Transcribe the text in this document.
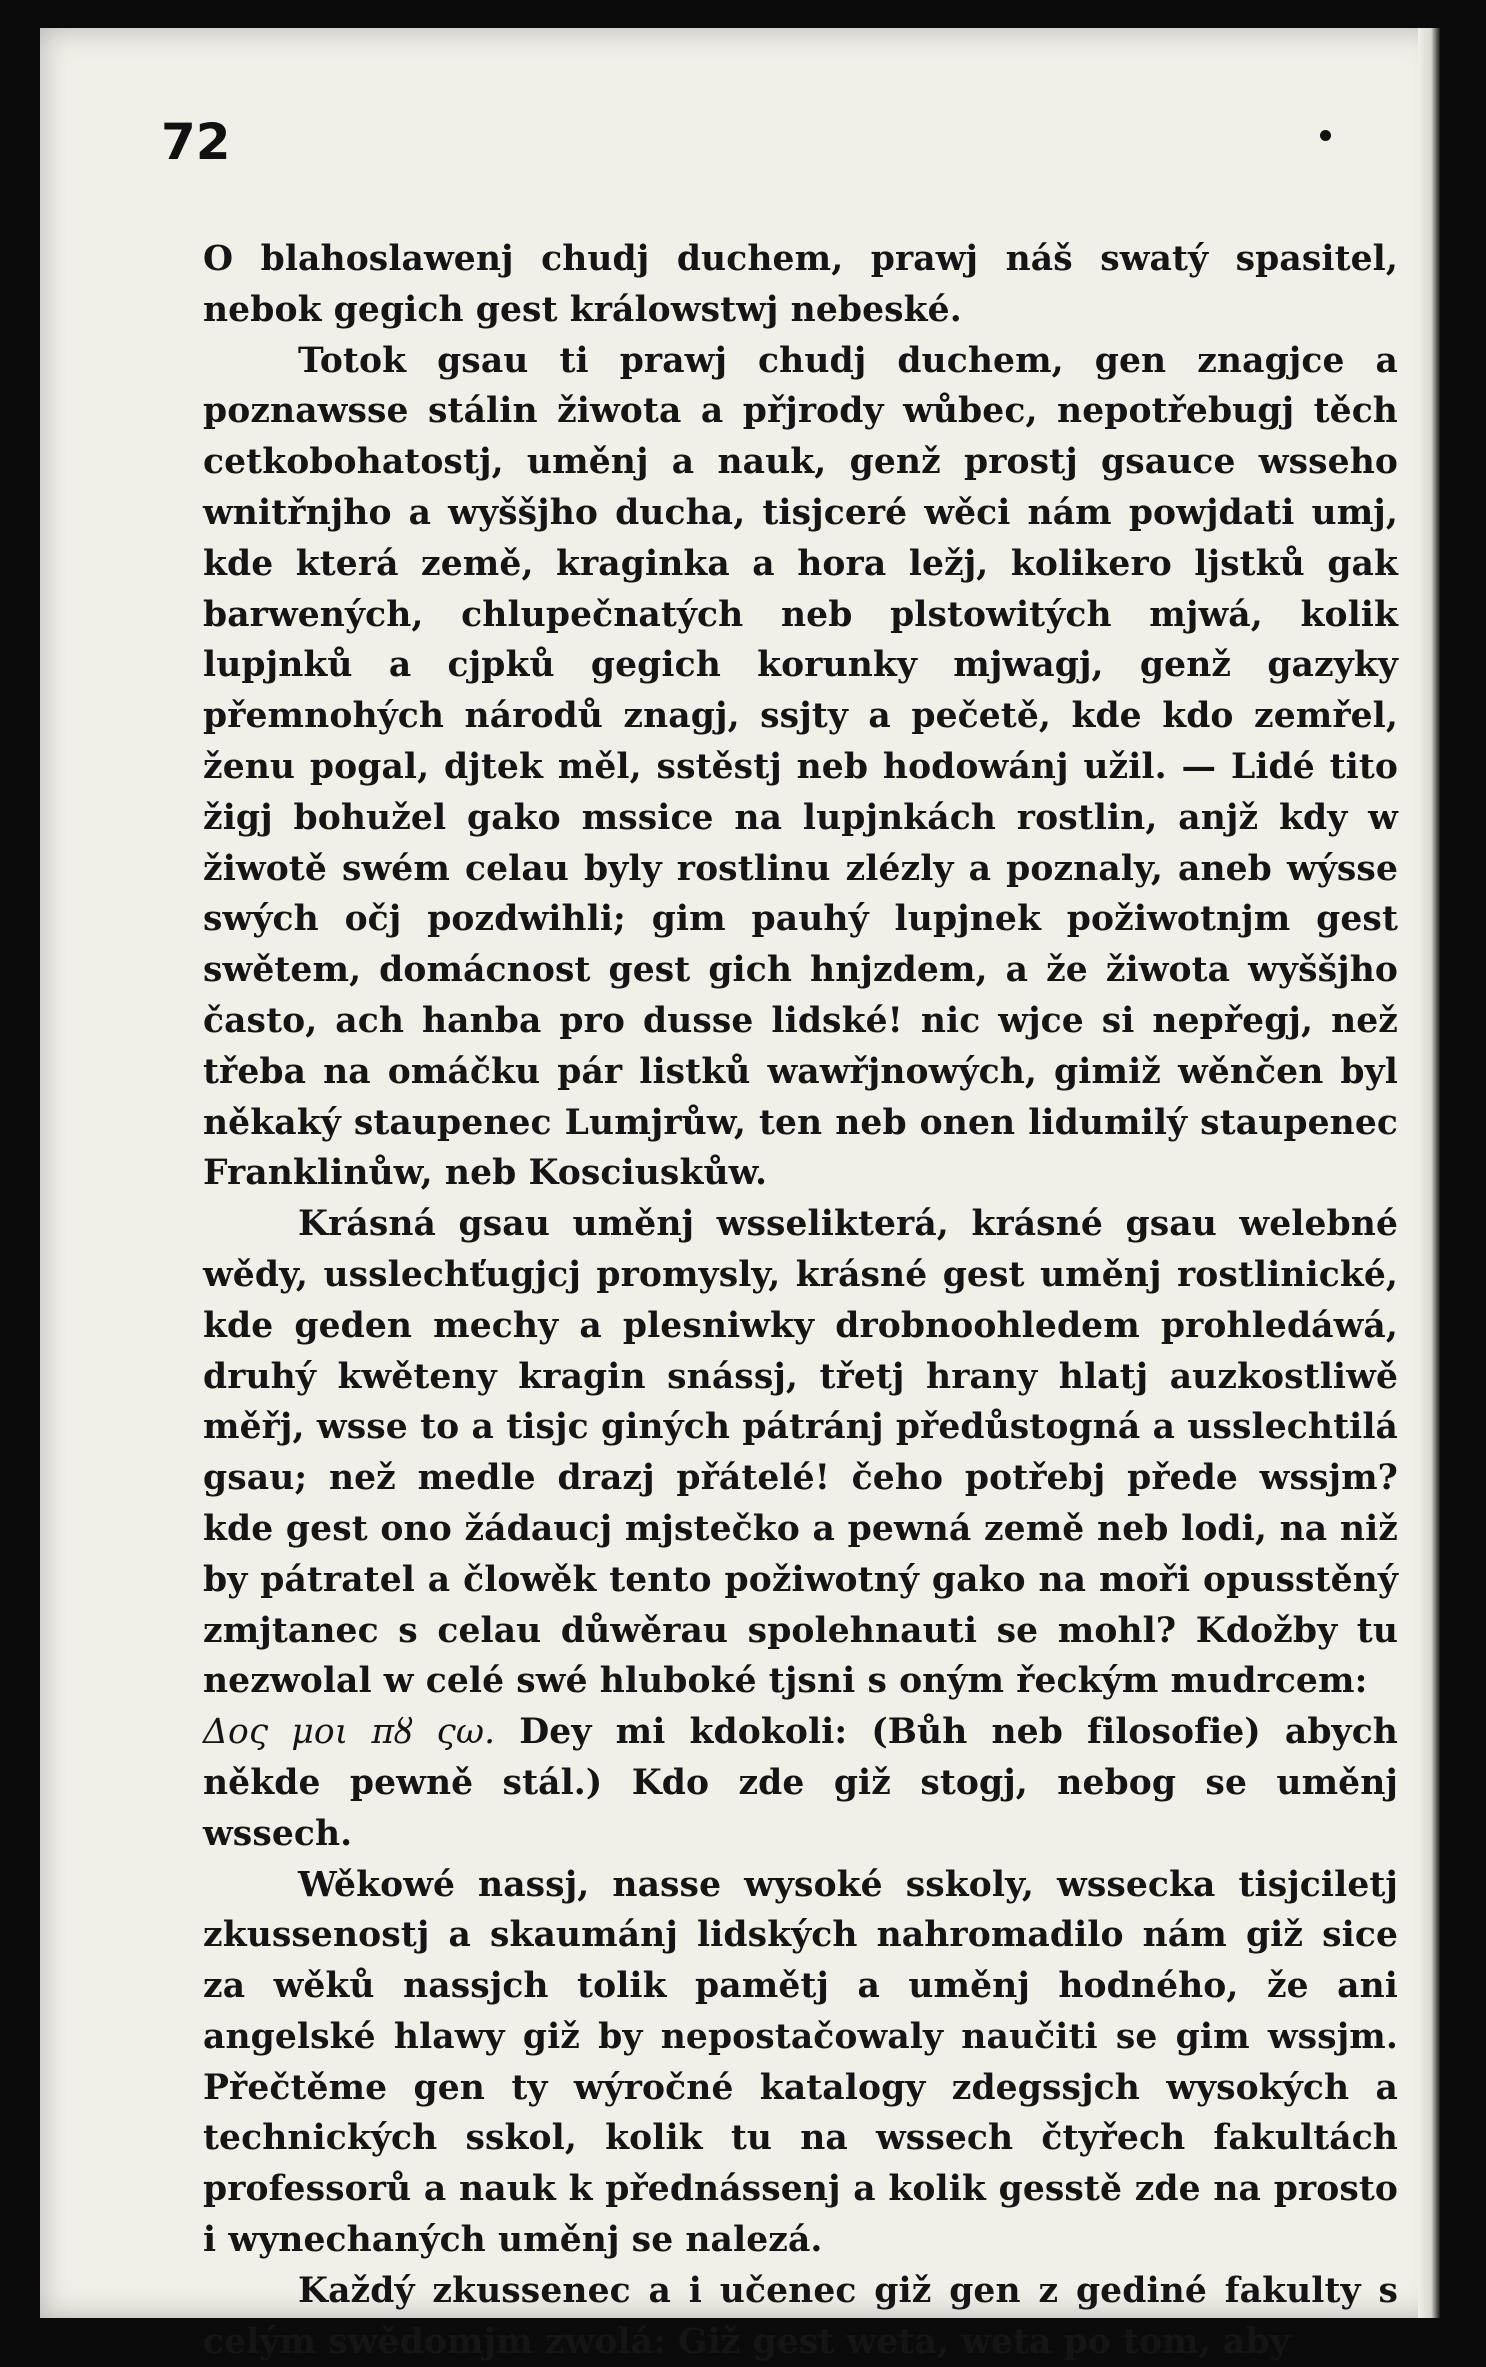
72

O blahoslawenj chudj duchem, prawj náš swatý spasitel, nebok gegich gest králowstwj nebeské.

Totok gsau ti prawj chudj duchem, gen znagjce a poznawsse stálin žiwota a přjrody wůbec, nepotřebugj těch cetkobohatostj, uměnj a nauk, genž prostj gsauce wsseho wnitřnjho a wyššjho ducha, tisjceré wěci nám powjdati umj, kde která země, kraginka a hora ležj, kolikero ljstků gak barwených, chlupečnatých neb plstowitých mjwá, kolik lupjnků a cjpků gegich korunky mjwagj, genž gazyky přemnohých národů znagj, ssjty a pečetě, kde kdo zemřel, ženu pogal, djtek měl, sstěstj neb hodowánj užil. — Lidé tito žigj bohužel gako mssice na lupjnkách rostlin, anjž kdy w žiwotě swém celau byly rostlinu zlézly a poznaly, aneb wýsse swých očj pozdwihli; gim pauhý lupjnek požiwotnjm gest swětem, domácnost gest gich hnjzdem, a že žiwota wyššjho často, ach hanba pro dusse lidské! nic wjce si nepřegj, než třeba na omáčku pár listků wawřjnowých, gimiž wěnčen byl někaký staupenec Lumjrůw, ten neb onen lidumilý staupenec Franklinůw, neb Kosciuskůw.

Krásná gsau uměnj wsselikterá, krásné gsau welebné wědy, usslechťugjcj promysly, krásné gest uměnj rostlinické, kde geden mechy a plesniwky drobnoohledem prohledáwá, druhý kwěteny kragin snássj, třetj hrany hlatj auzkostliwě měřj, wsse to a tisjc giných pátránj předůstogná a usslechtilá gsau; než medle drazj přátelé! čeho potřebj přede wssjm? kde gest ono žádaucj mjstečko a pewná země neb lodi, na niž by pátratel a člowěk tento požiwotný gako na moři opusstěný zmjtanec s celau důwěrau spolehnauti se mohl? Kdožby tu nezwolal w celé swé hluboké tjsni s oným řeckým mudrcem:

Δος μοι πȣ ςω. Dey mi kdokoli: (Bůh neb filosofie) abych někde pewně stál.) Kdo zde giž stogj, nebog se uměnj wssech.

Wěkowé nassj, nasse wysoké sskoly, wsseckа tisjciletj zkussenostj a skaumánj lidských nahromadilo nám giž sice za wěků nassjch tolik pamětj a uměnj hodného, že ani angelské hlawy giž by nepostačowaly naučiti se gim wssjm. Přečtěme gen ty wýročné katalogy zdegssjch wysokých a technických sskol, kolik tu na wssech čtyřech fakultách professorů a nauk k přednássenj a kolik gesstě zde na prosto i wynechaných uměnj se nalezá.

Každý zkussenec a i učenec giž gen z gediné fakulty s celým swědomjm zwolá: Giž gest weta, weta po tom, aby
